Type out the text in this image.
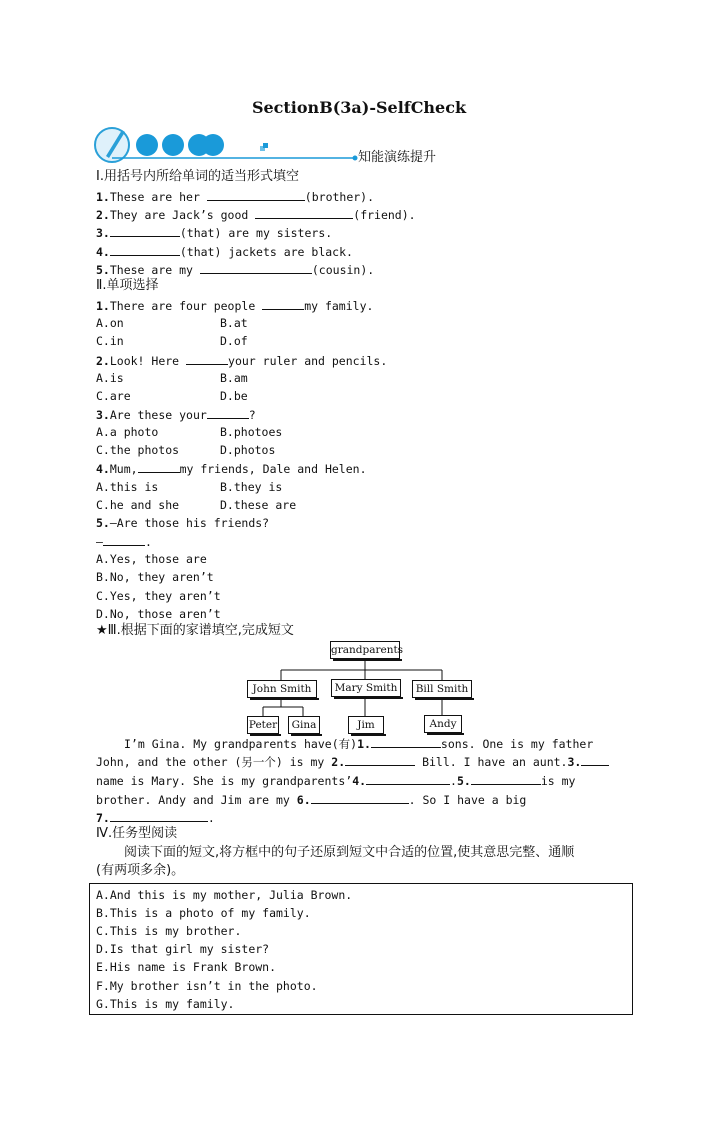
SectionB(3a)-SelfCheck
知能演练提升
Ⅰ.用括号内所给单词的适当形式填空
1.These are her	(brother).
2.They are Jack’s good	(friend).
3.	(that) are my sisters.
4.	(that) jackets are black.
5.These are my	(cousin).
Ⅱ.单项选择
1.There are four people	my family.
A.on	B.at
C.in	D.of
2.Look! Here	your ruler and pencils.
A.is	B.am
C.are	D.be
3.Are these your	?
A.a photo	B.photoes
C.the photos	D.photos
4.Mum,	my friends, Dale and Helen.
A.this is	B.they is
C.he and she	D.these are
5.—Are those his friends?
—	.
A.Yes, those are
B.No, they aren’t
C.Yes, they aren’t
D.No, those aren’t
★Ⅲ.根据下面的家谱填空,完成短文
grandparents
John Smith	Mary Smith	Bill Smith
Peter	Gina	Jim	Andy
I’m Gina. My grandparents have(有)1.	sons. One is my father
John, and the other (另一个) is my 2.	Bill. I have an aunt.3.
name is Mary. She is my grandparents’4.	.5.	is my
brother. Andy and Jim are my 6.	. So I have a big
7.	.
Ⅳ.任务型阅读
阅读下面的短文,将方框中的句子还原到短文中合适的位置,使其意思完整、通顺
(有两项多余)。
A.And this is my mother, Julia Brown.
B.This is a photo of my family.
C.This is my brother.
D.Is that girl my sister?
E.His name is Frank Brown.
F.My brother isn’t in the photo.
G.This is my family.
